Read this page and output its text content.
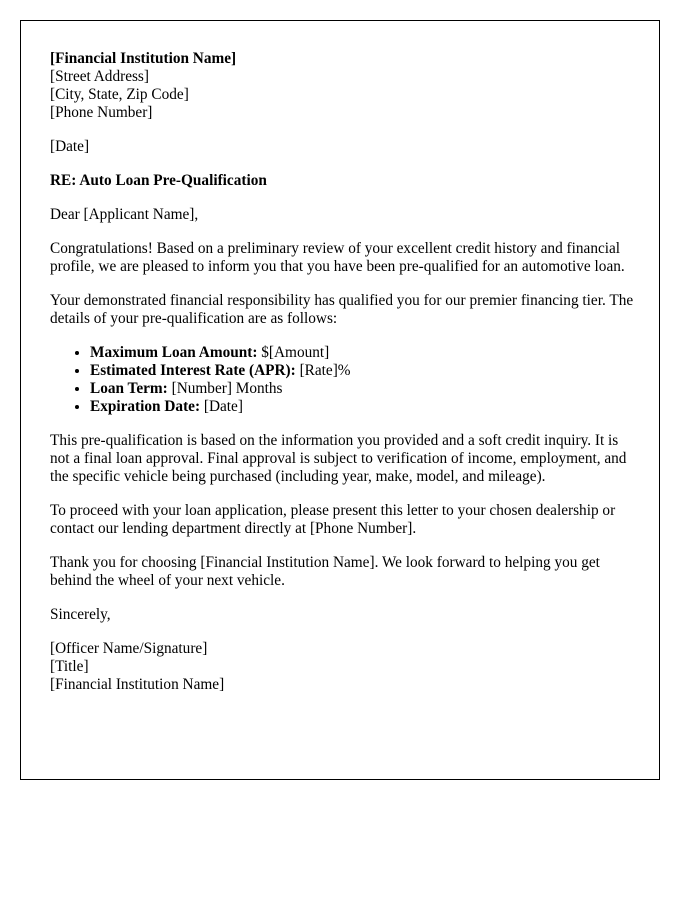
[Financial Institution Name]
[Street Address]
[City, State, Zip Code]
[Phone Number]

[Date]

RE: Auto Loan Pre-Qualification

Dear [Applicant Name],

Congratulations! Based on a preliminary review of your excellent credit history and financial profile, we are pleased to inform you that you have been pre-qualified for an automotive loan.

Your demonstrated financial responsibility has qualified you for our premier financing tier. The details of your pre-qualification are as follows:

• Maximum Loan Amount: $[Amount]
• Estimated Interest Rate (APR): [Rate]%
• Loan Term: [Number] Months
• Expiration Date: [Date]

This pre-qualification is based on the information you provided and a soft credit inquiry. It is not a final loan approval. Final approval is subject to verification of income, employment, and the specific vehicle being purchased (including year, make, model, and mileage).

To proceed with your loan application, please present this letter to your chosen dealership or contact our lending department directly at [Phone Number].

Thank you for choosing [Financial Institution Name]. We look forward to helping you get behind the wheel of your next vehicle.

Sincerely,

[Officer Name/Signature]
[Title]
[Financial Institution Name]
